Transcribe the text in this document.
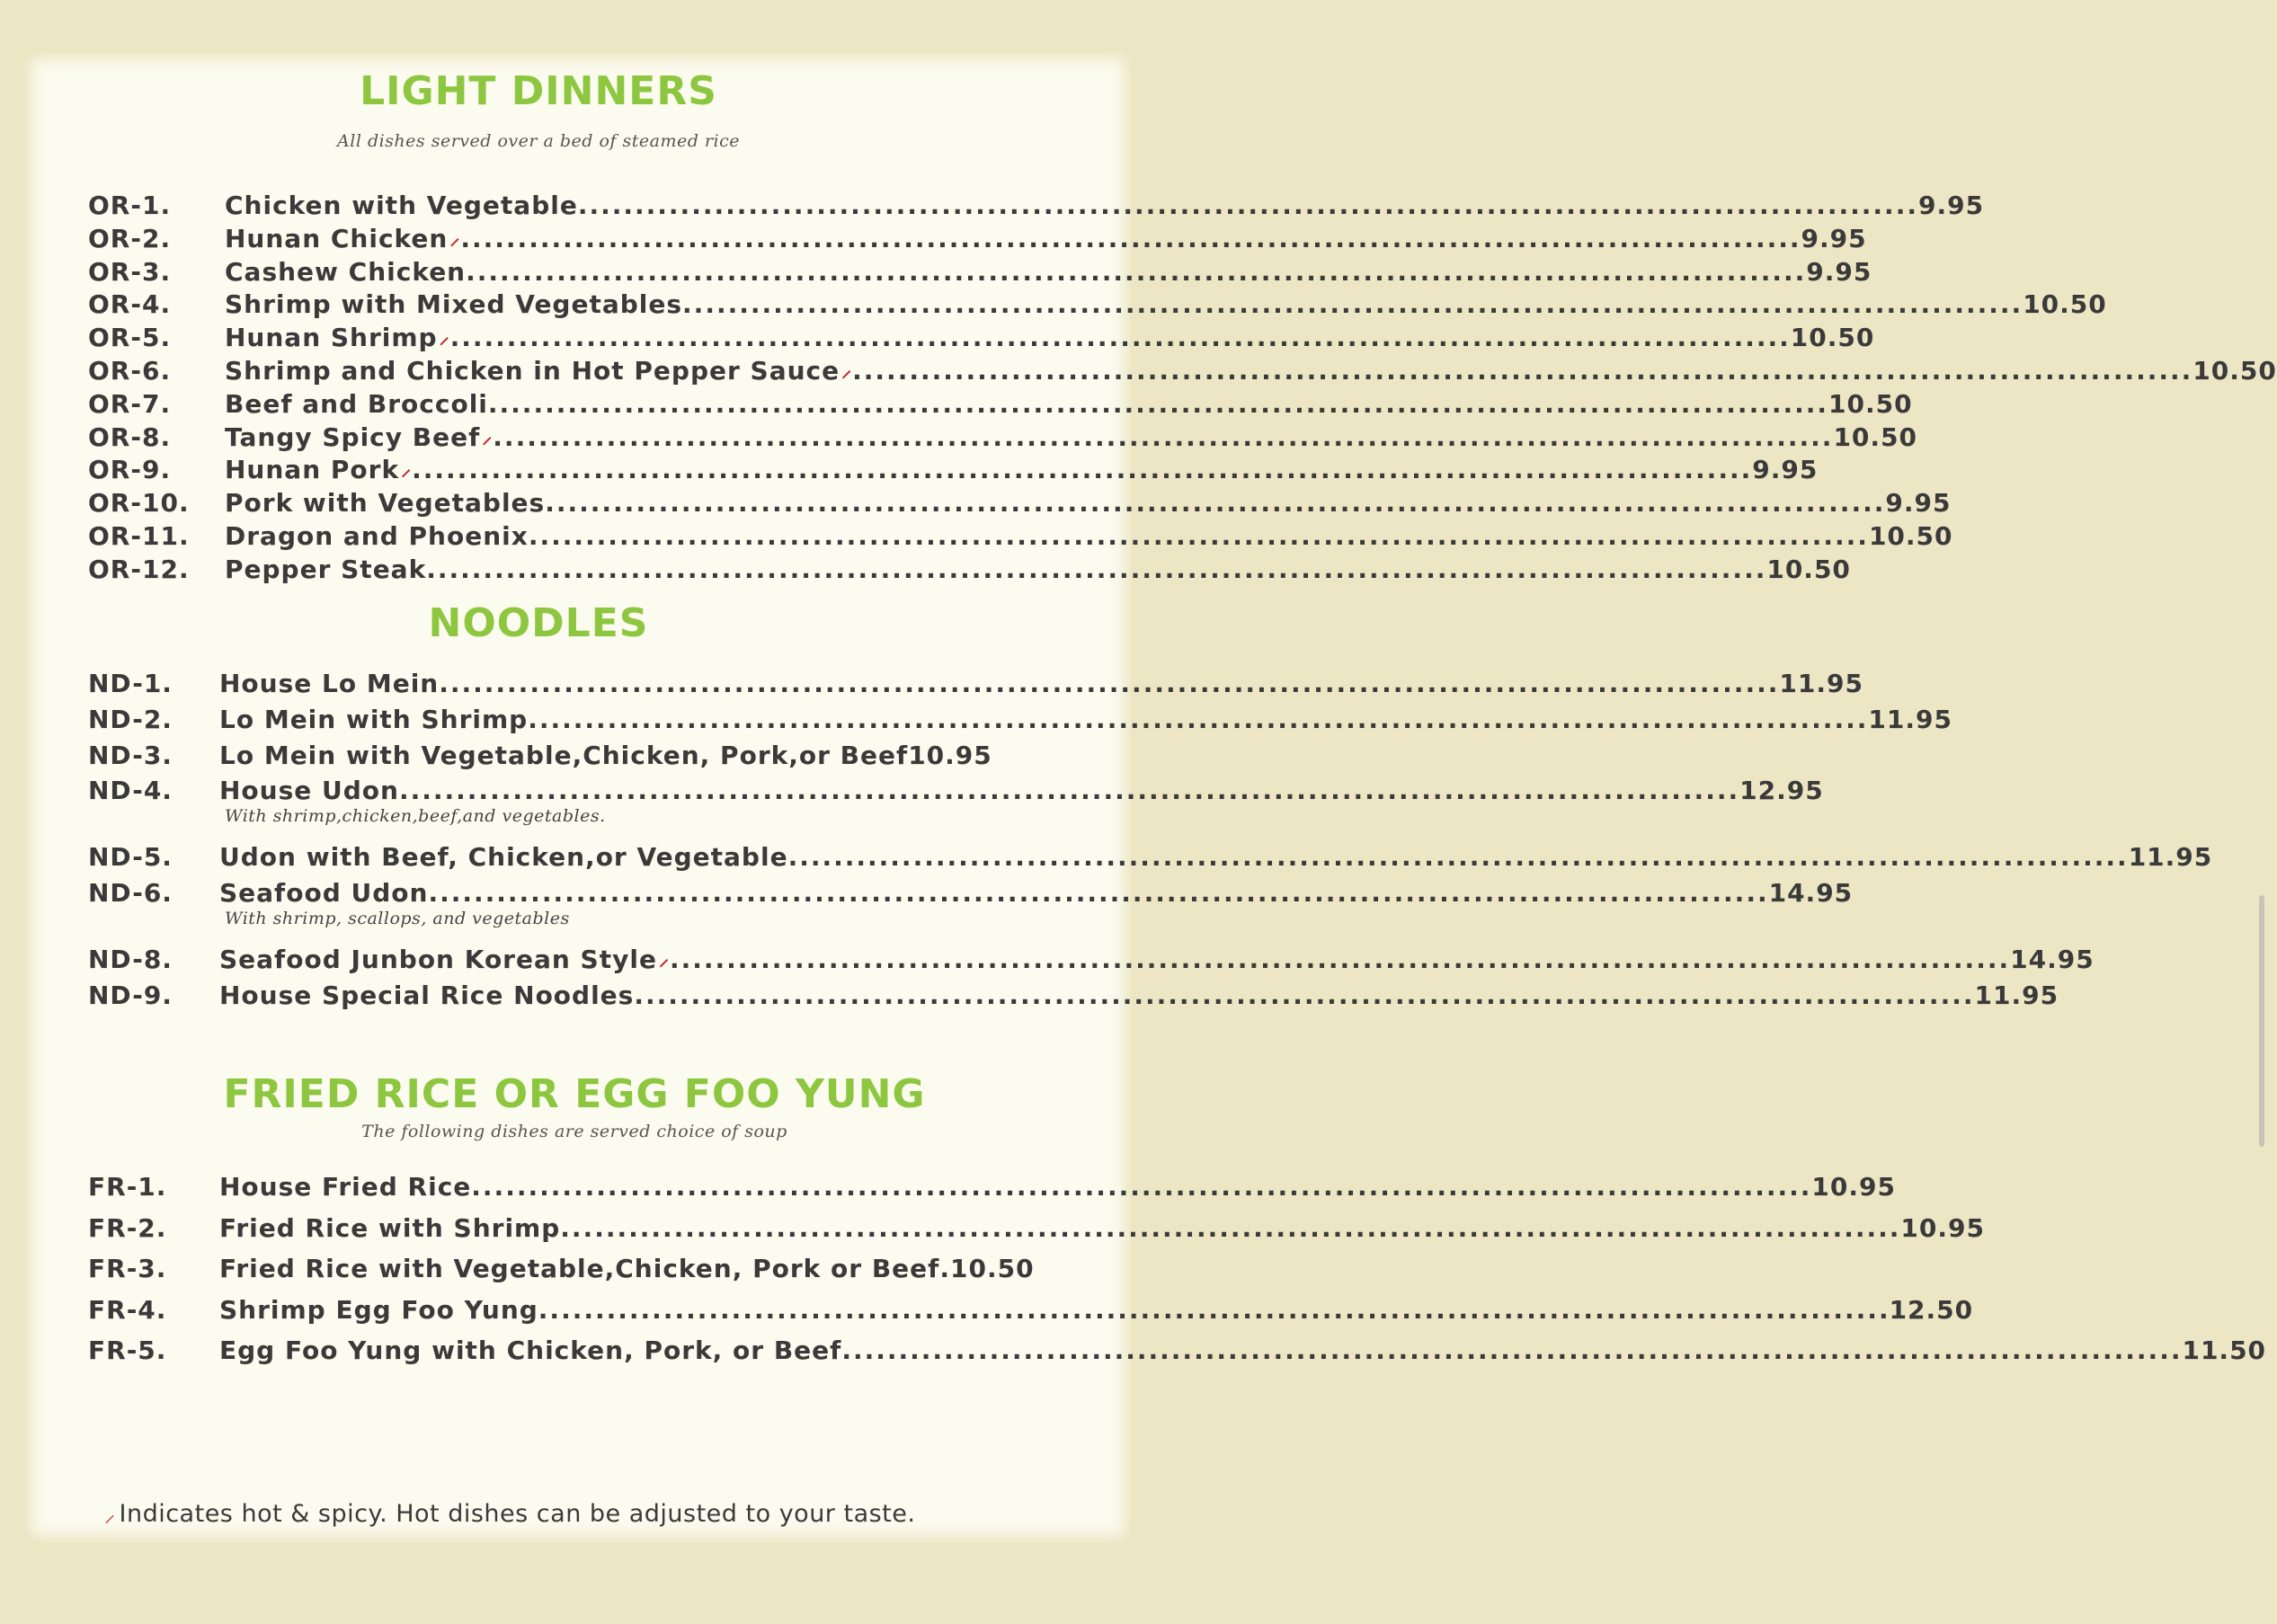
LIGHT DINNERS
All dishes served over a bed of steamed rice
OR-1. Chicken with Vegetable .....	9.95
OR-2. Hunan Chicken ⸝ .....	9.95
OR-3. Cashew Chicken .....	9.95
OR-4. Shrimp with Mixed Vegetables .....	10.50
OR-5. Hunan Shrimp ⸝ .....	10.50
OR-6. Shrimp and Chicken in Hot Pepper Sauce ⸝ .....	10.50
OR-7. Beef and Broccoli .....	10.50
OR-8. Tangy Spicy Beef ⸝ .....	10.50
OR-9. Hunan Pork ⸝ .....	9.95
OR-10. Pork with Vegetables .....	9.95
OR-11. Dragon and Phoenix .....	10.50
OR-12. Pepper Steak .....	10.50
NOODLES
ND-1. House Lo Mein .....	11.95
ND-2. Lo Mein with Shrimp .....	11.95
ND-3. Lo Mein with Vegetable,Chicken, Pork,or Beef 10.95
ND-4. House Udon .....	12.95
With shrimp,chicken,beef,and vegetables.
ND-5. Udon with Beef, Chicken,or Vegetable .....	11.95
ND-6. Seafood Udon .....	14.95
With shrimp, scallops, and vegetables
ND-8. Seafood Junbon Korean Style ⸝ .....	14.95
ND-9. House Special Rice Noodles .....	11.95
FRIED RICE OR EGG FOO YUNG
The following dishes are served choice of soup
FR-1. House Fried Rice .....	10.95
FR-2. Fried Rice with Shrimp .....	10.95
FR-3. Fried Rice with Vegetable,Chicken, Pork or Beef .10.50
FR-4. Shrimp Egg Foo Yung .....	.12.50
FR-5. Egg Foo Yung with Chicken, Pork, or Beef .....	11.50
⸝ Indicates hot & spicy. Hot dishes can be adjusted to your taste.
